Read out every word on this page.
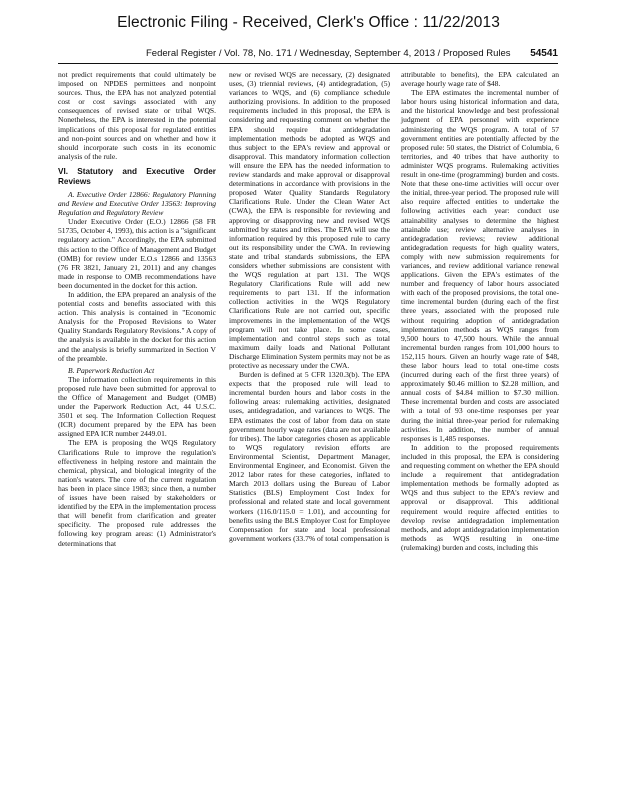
Electronic Filing - Received, Clerk's Office : 11/22/2013
Federal Register / Vol. 78, No. 171 / Wednesday, September 4, 2013 / Proposed Rules 54541

not predict requirements that could ultimately be imposed on NPDES permittees and nonpoint sources. Thus, the EPA has not analyzed potential cost or cost savings associated with any consequences of revised state or tribal WQS. Nonetheless, the EPA is interested in the potential implications of this proposal for regulated entities and non-point sources and on whether and how it should incorporate such costs in its economic analysis of the rule.

VI. Statutory and Executive Order Reviews
A. Executive Order 12866: Regulatory Planning and Review and Executive Order 13563: Improving Regulation and Regulatory Review

Under Executive Order (E.O.) 12866 (58 FR 51735, October 4, 1993), this action is a "significant regulatory action." Accordingly, the EPA submitted this action to the Office of Management and Budget (OMB) for review under E.O.s 12866 and 13563 (76 FR 3821, January 21, 2011) and any changes made in response to OMB recommendations have been documented in the docket for this action.

In addition, the EPA prepared an analysis of the potential costs and benefits associated with this action. This analysis is contained in "Economic Analysis for the Proposed Revisions to Water Quality Standards Regulatory Revisions." A copy of the analysis is available in the docket for this action and the analysis is briefly summarized in Section V of the preamble.

B. Paperwork Reduction Act

The information collection requirements in this proposed rule have been submitted for approval to the Office of Management and Budget (OMB) under the Paperwork Reduction Act, 44 U.S.C. 3501 et seq. The Information Collection Request (ICR) document prepared by the EPA has been assigned EPA ICR number 2449.01.

The EPA is proposing the WQS Regulatory Clarifications Rule to improve the regulation's effectiveness in helping restore and maintain the chemical, physical, and biological integrity of the nation's waters. The core of the current regulation has been in place since 1983; since then, a number of issues have been raised by stakeholders or identified by the EPA in the implementation process that will benefit from clarification and greater specificity. The proposed rule addresses the following key program areas: (1) Administrator's determinations that

new or revised WQS are necessary, (2) designated uses, (3) triennial reviews, (4) antidegradation, (5) variances to WQS, and (6) compliance schedule authorizing provisions. In addition to the proposed requirements included in this proposal, the EPA is considering and requesting comment on whether the EPA should require that antidegradation implementation methods be adopted as WQS and thus subject to the EPA's review and approval or disapproval. This mandatory information collection will ensure the EPA has the needed information to review standards and make approval or disapproval determinations in accordance with provisions in the proposed Water Quality Standards Regulatory Clarifications Rule. Under the Clean Water Act (CWA), the EPA is responsible for reviewing and approving or disapproving new and revised WQS submitted by states and tribes. The EPA will use the information required by this proposed rule to carry out its responsibility under the CWA. In reviewing state and tribal standards submissions, the EPA considers whether submissions are consistent with the WQS regulation at part 131. The WQS Regulatory Clarifications Rule will add new requirements to part 131. If the information collection activities in the WQS Regulatory Clarifications Rule are not carried out, specific improvements in the implementation of the WQS program will not take place. In some cases, implementation and control steps such as total maximum daily loads and National Pollutant Discharge Elimination System permits may not be as protective as necessary under the CWA.

Burden is defined at 5 CFR 1320.3(b). The EPA expects that the proposed rule will lead to incremental burden hours and labor costs in the following areas: rulemaking activities, designated uses, antidegradation, and variances to WQS. The EPA estimates the cost of labor from data on state government hourly wage rates (data are not available for tribes). The labor categories chosen as applicable to WQS regulatory revision efforts are Environmental Scientist, Department Manager, Environmental Engineer, and Economist. Given the 2012 labor rates for these categories, inflated to March 2013 dollars using the Bureau of Labor Statistics (BLS) Employment Cost Index for professional and related state and local government workers (116.0/115.0 = 1.01), and accounting for benefits using the BLS Employer Cost for Employee Compensation for state and local professional government workers (33.7% of total compensation is

attributable to benefits), the EPA calculated an average hourly wage rate of $48.

The EPA estimates the incremental number of labor hours using historical information and data, and the historical knowledge and best professional judgment of EPA personnel with experience administering the WQS program. A total of 57 government entities are potentially affected by the proposed rule: 50 states, the District of Columbia, 6 territories, and 40 tribes that have authority to administer WQS programs. Rulemaking activities result in one-time (programming) burden and costs. Note that these one-time activities will occur over the initial, three-year period. The proposed rule will also require affected entities to undertake the following activities each year: conduct use attainability analyses to determine the highest attainable use; review alternative analyses in antidegradation reviews; review additional antidegradation requests for high quality waters, comply with new submission requirements for variances, and review additional variance renewal applications. Given the EPA's estimates of the number and frequency of labor hours associated with each of the proposed provisions, the total one-time incremental burden (during each of the first three years, associated with the proposed rule without requiring adoption of antidegradation implementation methods as WQS ranges from 9,500 hours to 47,500 hours. While the annual incremental burden ranges from 101,000 hours to 152,115 hours. Given an hourly wage rate of $48, these labor hours lead to total one-time costs (incurred during each of the first three years) of approximately $0.46 million to $2.28 million, and annual costs of $4.84 million to $7.30 million. These incremental burden and costs are associated with a total of 93 one-time responses per year during the initial three-year period for rulemaking activities. In addition, the number of annual responses is 1,485 responses.

In addition to the proposed requirements included in this proposal, the EPA is considering and requesting comment on whether the EPA should include a requirement that antidegradation implementation methods be formally adopted as WQS and thus subject to the EPA's review and approval or disapproval. This additional requirement would require affected entities to develop revise antidegradation implementation methods, and adopt antidegradation implementation methods as WQS resulting in one-time (rulemaking) burden and costs, including this
